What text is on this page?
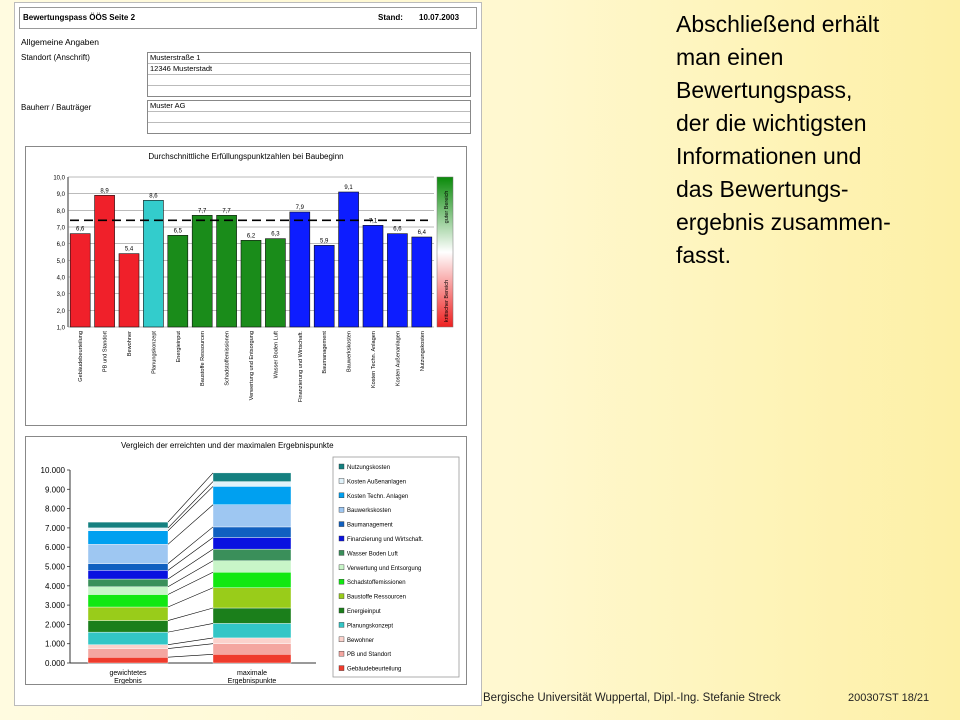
Bewertungspass ÖÖS Seite 2	Stand: 10.07.2003
Allgemeine Angaben
Standort (Anschrift)	Musterstraße 1
12346 Musterstadt
Bauherr / Bauträger	Muster AG
Durchschnittliche Erfüllungspunktzahlen bei Baubeginn
1,0
2,0
3,0
4,0
5,0
6,0
7,0
8,0
9,0
10,0
6,6
Gebäudebeurteilung
8,9
PB und Standort
5,4
Bewohner
8,6
Planungskonzept
6,5
Energieinput
7,7
Baustoffe Ressourcen
7,7
Schadstoffemissionen
6,2
Verwertung und Entsorgung
6,3
Wasser Boden Luft
7,9
Finanzierung und Wirtschaft.
5,9
Baumanagement
9,1
Bauwerkskosten
7,1
Kosten Techn. Anlagen
6,6
Kosten Außenanlagen
6,4
Nutzungskosten
guter Bereich
kritischer Bereich
Vergleich der erreichten und der maximalen Ergebnispunkte
0.000
1.000
2.000
3.000
4.000
5.000
6.000
7.000
8.000
9.000
10.000
gewichtetes
Ergebnis
maximale
Ergebnispunkte
Nutzungskosten
Kosten Außenanlagen
Kosten Techn. Anlagen
Bauwerkskosten
Baumanagement
Finanzierung und Wirtschaft.
Wasser Boden Luft
Verwertung und Entsorgung
Schadstoffemissionen
Baustoffe Ressourcen
Energieinput
Planungskonzept
Bewohner
PB und Standort
Gebäudebeurteilung
Abschließend erhält
man einen
Bewertungspass,
der die wichtigsten
Informationen und
das Bewertungs-
ergebnis zusammen-
fasst.
Bergische Universität Wuppertal, Dipl.-Ing. Stefanie Streck	200307ST 18/21
